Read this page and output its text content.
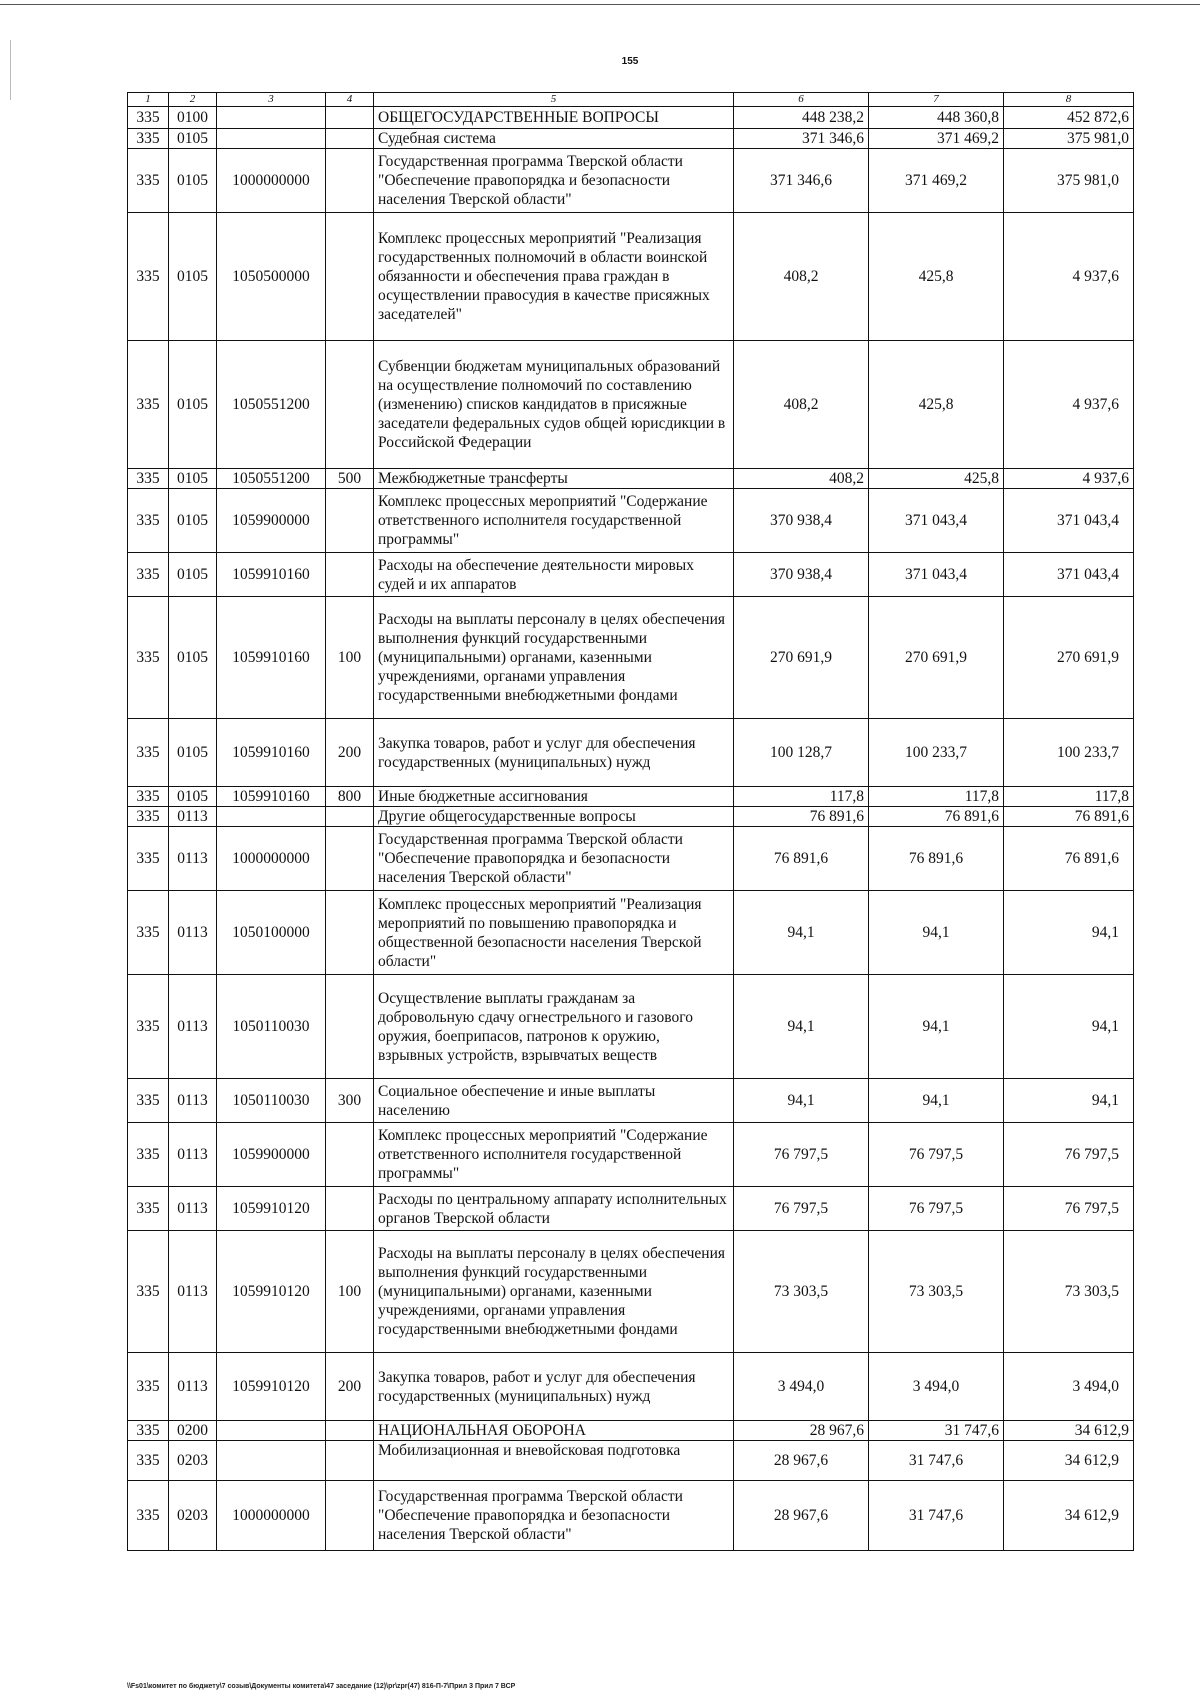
155
1	2	3	4	5	6	7	8
335	0100			ОБЩЕГОСУДАРСТВЕННЫЕ ВОПРОСЫ	448 238,2	448 360,8	452 872,6
335	0105			Судебная система	371 346,6	371 469,2	375 981,0
335	0105	1000000000		Государственная программа Тверской области "Обеспечение правопорядка и безопасности населения Тверской области"	371 346,6	371 469,2	375 981,0
335	0105	1050500000		Комплекс процессных мероприятий "Реализация государственных полномочий в области воинской обязанности и обеспечения права граждан в осуществлении правосудия в качестве присяжных заседателей"	408,2	425,8	4 937,6
335	0105	1050551200		Субвенции бюджетам муниципальных образований на осуществление полномочий по составлению (изменению) списков кандидатов в присяжные заседатели федеральных судов общей юрисдикции в Российской Федерации	408,2	425,8	4 937,6
335	0105	1050551200	500	Межбюджетные трансферты	408,2	425,8	4 937,6
335	0105	1059900000		Комплекс процессных мероприятий "Содержание ответственного исполнителя государственной программы"	370 938,4	371 043,4	371 043,4
335	0105	1059910160		Расходы на обеспечение деятельности мировых судей и их аппаратов	370 938,4	371 043,4	371 043,4
335	0105	1059910160	100	Расходы на выплаты персоналу в целях обеспечения выполнения функций государственными (муниципальными) органами, казенными учреждениями, органами управления государственными внебюджетными фондами	270 691,9	270 691,9	270 691,9
335	0105	1059910160	200	Закупка товаров, работ и услуг для обеспечения государственных (муниципальных) нужд	100 128,7	100 233,7	100 233,7
335	0105	1059910160	800	Иные бюджетные ассигнования	117,8	117,8	117,8
335	0113			Другие общегосударственные вопросы	76 891,6	76 891,6	76 891,6
335	0113	1000000000		Государственная программа Тверской области "Обеспечение правопорядка и безопасности населения Тверской области"	76 891,6	76 891,6	76 891,6
335	0113	1050100000		Комплекс процессных мероприятий "Реализация мероприятий по повышению правопорядка и общественной безопасности населения Тверской области"	94,1	94,1	94,1
335	0113	1050110030		Осуществление выплаты гражданам за добровольную сдачу огнестрельного и газового оружия, боеприпасов, патронов к оружию, взрывных устройств, взрывчатых веществ	94,1	94,1	94,1
335	0113	1050110030	300	Социальное обеспечение и иные выплаты населению	94,1	94,1	94,1
335	0113	1059900000		Комплекс процессных мероприятий "Содержание ответственного исполнителя государственной программы"	76 797,5	76 797,5	76 797,5
335	0113	1059910120		Расходы по центральному аппарату исполнительных органов Тверской области	76 797,5	76 797,5	76 797,5
335	0113	1059910120	100	Расходы на выплаты персоналу в целях обеспечения выполнения функций государственными (муниципальными) органами, казенными учреждениями, органами управления государственными внебюджетными фондами	73 303,5	73 303,5	73 303,5
335	0113	1059910120	200	Закупка товаров, работ и услуг для обеспечения государственных (муниципальных) нужд	3 494,0	3 494,0	3 494,0
335	0200			НАЦИОНАЛЬНАЯ ОБОРОНА	28 967,6	31 747,6	34 612,9
335	0203			Мобилизационная и вневойсковая подготовка	28 967,6	31 747,6	34 612,9
335	0203	1000000000		Государственная программа Тверской области "Обеспечение правопорядка и безопасности населения Тверской области"	28 967,6	31 747,6	34 612,9
\\Fs01\комитет по бюджету\7 созыв\Документы комитета\47 заседание (12)\pr\zpr(47) 816-П-7\Прил 3 Прил 7 ВСР
